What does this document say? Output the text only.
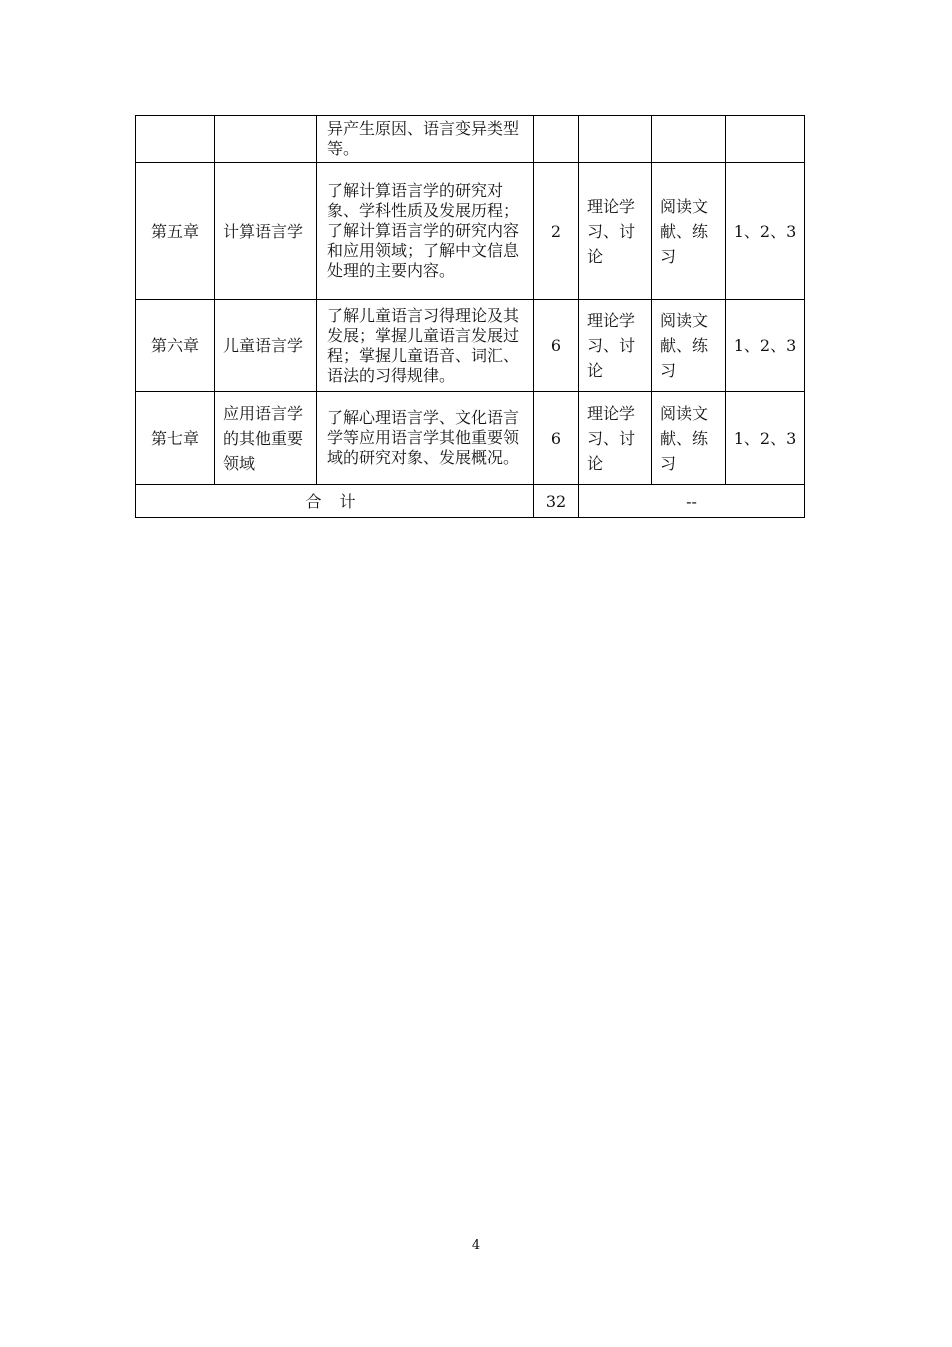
		异产生原因、语言变异类型等。				
第五章	计算语言学	了解计算语言学的研究对象、学科性质及发展历程；了解计算语言学的研究内容和应用领域；了解中文信息处理的主要内容。	2	理论学习、讨论	阅读文献、练习	1、2、3
第六章	儿童语言学	了解儿童语言习得理论及其发展；掌握儿童语言发展过程；掌握儿童语音、词汇、语法的习得规律。	6	理论学习、讨论	阅读文献、练习	1、2、3
第七章	应用语言学的其他重要领域	了解心理语言学、文化语言学等应用语言学其他重要领域的研究对象、发展概况。	6	理论学习、讨论	阅读文献、练习	1、2、3
合计			32	--		
4
